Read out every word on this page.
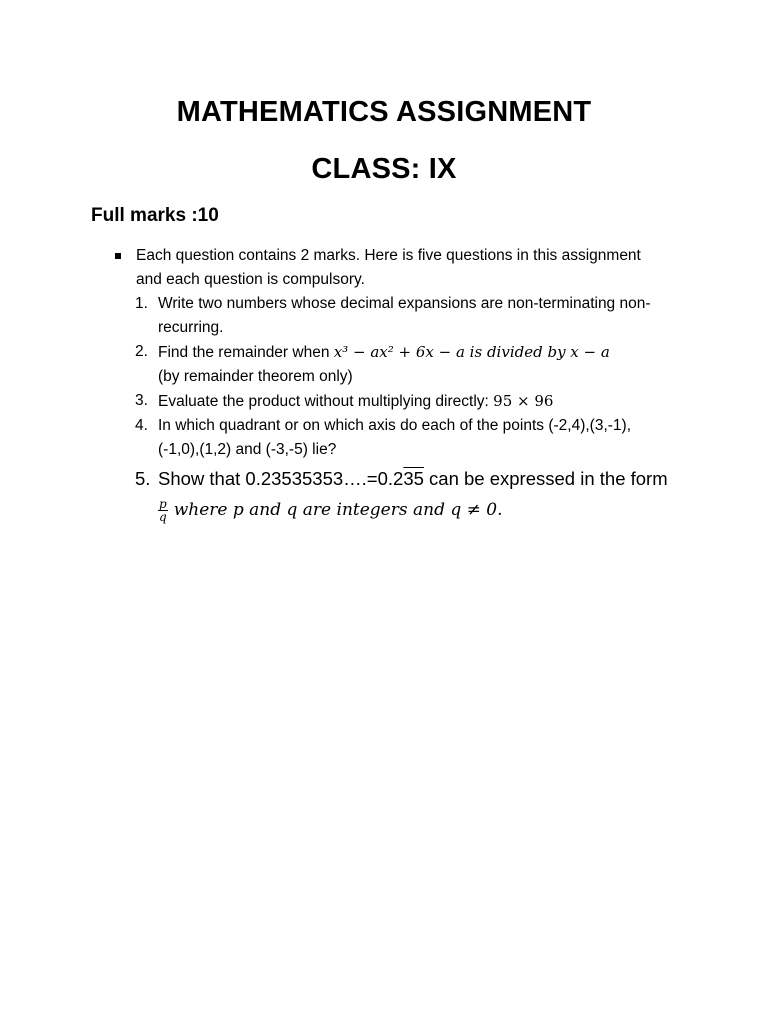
MATHEMATICS ASSIGNMENT
CLASS: IX
Full marks :10
Each question contains 2 marks. Here is five questions in this assignment
and each question is compulsory.
1. Write two numbers whose decimal expansions are non-terminating non-
recurring.
2. Find the remainder when x³ − ax² + 6x − a is divided by x − a
(by remainder theorem only)
3. Evaluate the product without multiplying directly: 95 × 96
4. In which quadrant or on which axis do each of the points (-2,4),(3,-1),
(-1,0),(1,2) and (-3,-5) lie?
5. Show that 0.23535353….=0.235 can be expressed in the form
$\frac{p}{q}$ where p and q are integers and q ≠ 0.
